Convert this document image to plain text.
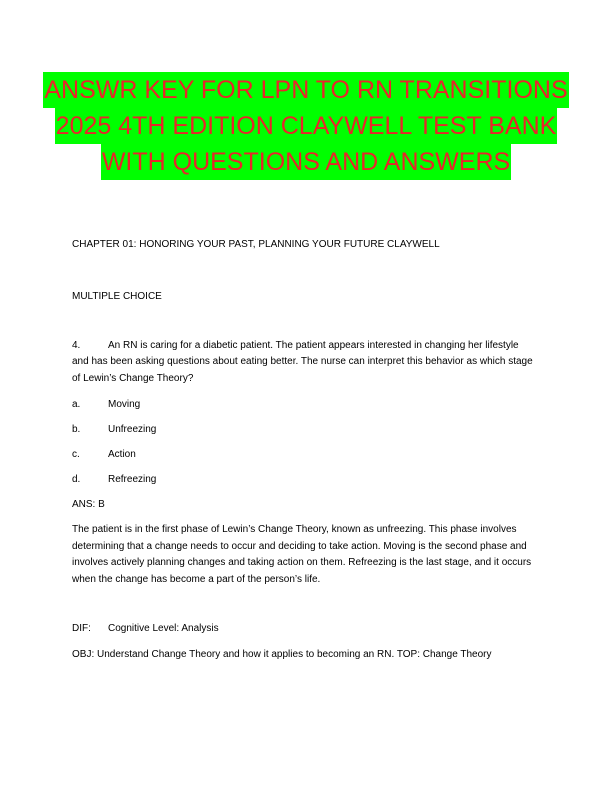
ANSWR KEY FOR LPN TO RN TRANSITIONS
2025 4TH EDITION CLAYWELL TEST BANK
WITH QUESTIONS AND ANSWERS
CHAPTER 01: HONORING YOUR PAST, PLANNING YOUR FUTURE CLAYWELL
MULTIPLE CHOICE
4.	An RN is caring for a diabetic patient. The patient appears interested in changing her lifestyle
and has been asking questions about eating better. The nurse can interpret this behavior as which stage of Lewin’s Change Theory?
a.	Moving
b.	Unfreezing
c.	Action
d.	Refreezing
ANS: B
The patient is in the first phase of Lewin’s Change Theory, known as unfreezing. This phase involves determining that a change needs to occur and deciding to take action. Moving is the second phase and involves actively planning changes and taking action on them. Refreezing is the last stage, and it occurs when the change has become a part of the person’s life.
DIF: Cognitive Level: Analysis
OBJ: Understand Change Theory and how it applies to becoming an RN. TOP: Change Theory
